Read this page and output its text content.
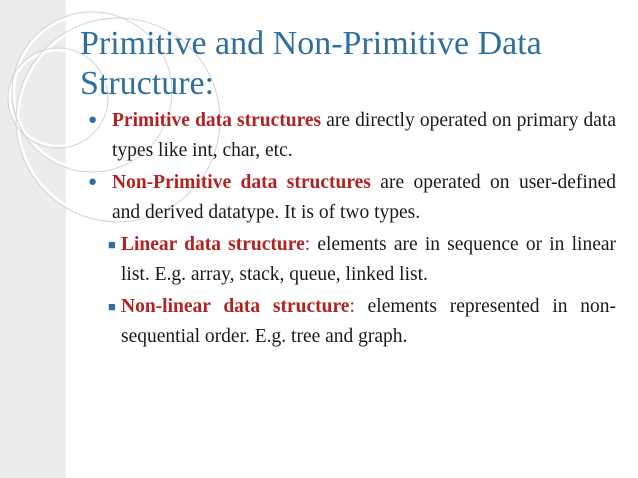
Primitive and Non-Primitive Data Structure:
● Primitive data structures are directly operated on primary data types like int, char, etc.
● Non-Primitive data structures are operated on user-defined and derived datatype. It is of two types.
■ Linear data structure: elements are in sequence or in linear list. E.g. array, stack, queue, linked list.
■ Non-linear data structure: elements represented in non-sequential order. E.g. tree and graph.
